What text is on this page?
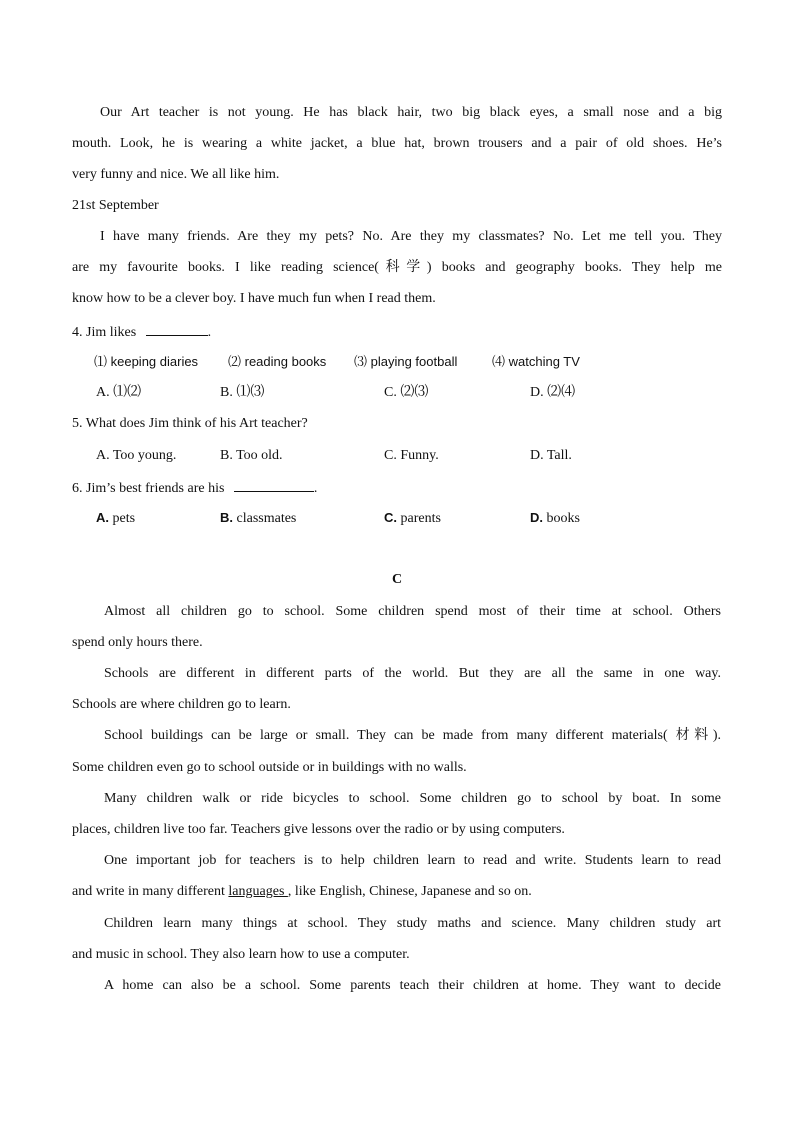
Our Art teacher is not young. He has black hair, two big black eyes, a small nose and a big
mouth. Look, he is wearing a white jacket, a blue hat, brown trousers and a pair of old shoes. He’s
very funny and nice. We all like him.
21st September
I have many friends. Are they my pets? No. Are they my classmates? No. Let me tell you. They
are my favourite books. I like reading science(科学) books and geography books. They help me
know how to be a clever boy. I have much fun when I read them.
4. Jim likes	.
⑴ keeping diaries ⑵ reading books ⑶ playing football	⑷ watching TV
A. ⑴⑵	B. ⑴⑶	C. ⑵⑶	D. ⑵⑷
5. What does Jim think of his Art teacher?
A. Too young.	B. Too old.	C. Funny.	D. Tall.
6. Jim’s best friends are his	.
A. pets	B. classmates	C. parents	D. books
C
Almost all children go to school. Some children spend most of their time at school. Others
spend only hours there.
Schools are different in different parts of the world. But they are all the same in one way.
Schools are where children go to learn.
School buildings can be large or small. They can be made from many different materials( 材料).
Some children even go to school outside or in buildings with no walls.
Many children walk or ride bicycles to school. Some children go to school by boat. In some
places, children live too far. Teachers give lessons over the radio or by using computers.
One important job for teachers is to help children learn to read and write. Students learn to read
and write in many different languages , like English, Chinese, Japanese and so on.
Children learn many things at school. They study maths and science. Many children study art
and music in school. They also learn how to use a computer.
A home can also be a school. Some parents teach their children at home. They want to decide
